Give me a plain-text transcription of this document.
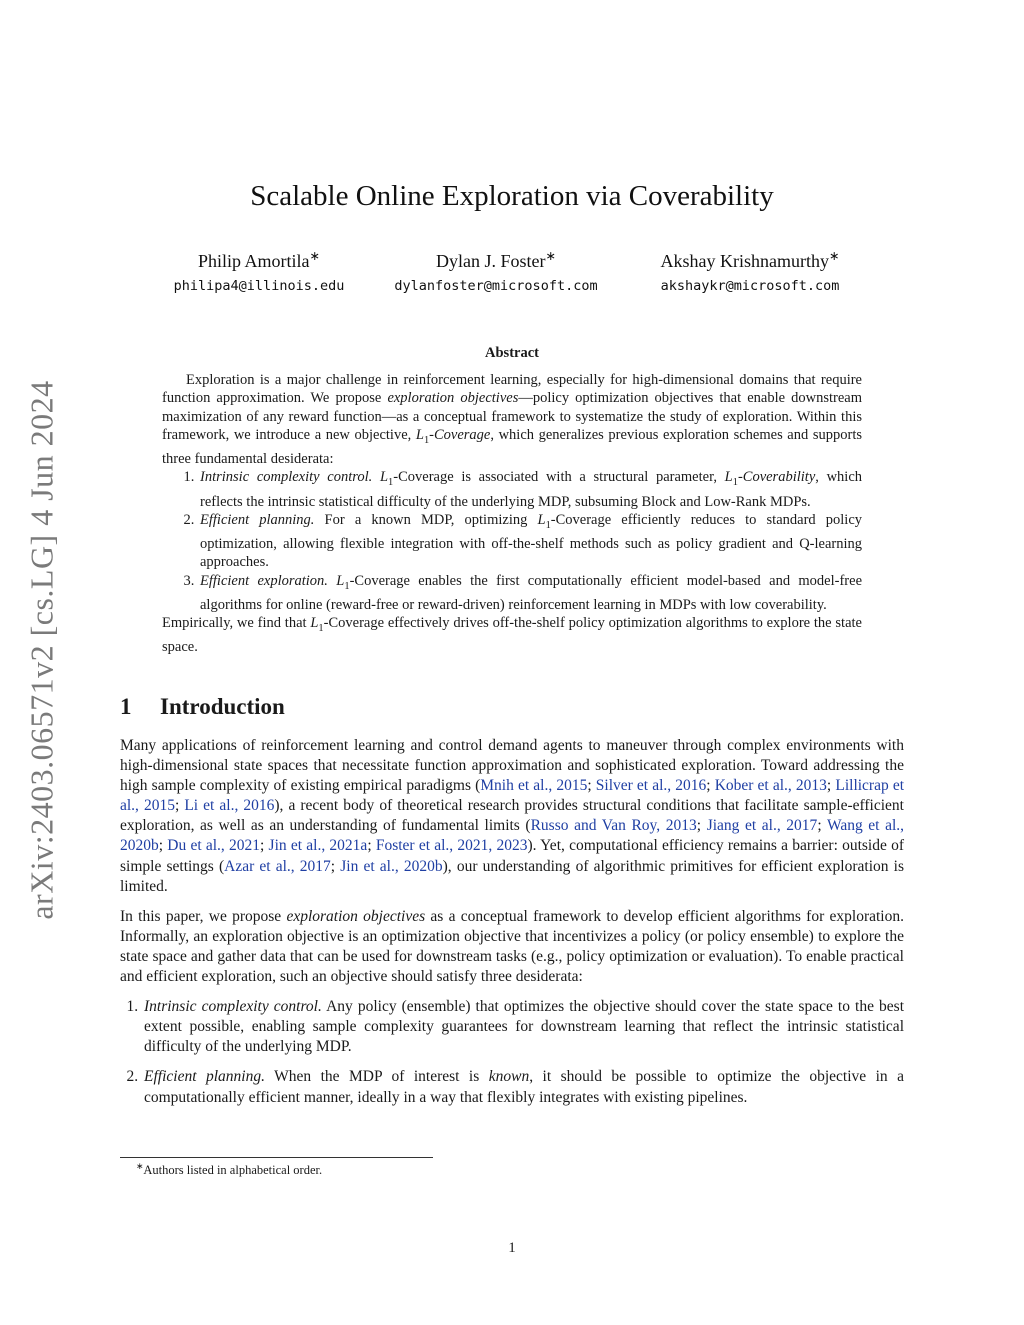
arXiv:2403.06571v2 [cs.LG] 4 Jun 2024
Scalable Online Exploration via Coverability
Philip Amortila∗
philipa4@illinois.edu
Dylan J. Foster∗
dylanfoster@microsoft.com
Akshay Krishnamurthy∗
akshaykr@microsoft.com
Abstract

Exploration is a major challenge in reinforcement learning, especially for high-dimensional domains that require function approximation. We propose exploration objectives—policy optimization objectives that enable downstream maximization of any reward function—as a conceptual framework to systematize the study of exploration. Within this framework, we introduce a new objective, $L_1$-Coverage, which generalizes previous exploration schemes and supports three fundamental desiderata:

1. Intrinsic complexity control. $L_1$-Coverage is associated with a structural parameter, $L_1$-Coverability, which reflects the intrinsic statistical difficulty of the underlying MDP, subsuming Block and Low-Rank MDPs.
2. Efficient planning. For a known MDP, optimizing $L_1$-Coverage efficiently reduces to standard policy optimization, allowing flexible integration with off-the-shelf methods such as policy gradient and Q-learning approaches.
3. Efficient exploration. $L_1$-Coverage enables the first computationally efficient model-based and model-free algorithms for online (reward-free or reward-driven) reinforcement learning in MDPs with low coverability.

Empirically, we find that $L_1$-Coverage effectively drives off-the-shelf policy optimization algorithms to explore the state space.

1 Introduction

Many applications of reinforcement learning and control demand agents to maneuver through complex environments with high-dimensional state spaces that necessitate function approximation and sophisticated exploration. Toward addressing the high sample complexity of existing empirical paradigms (Mnih et al., 2015; Silver et al., 2016; Kober et al., 2013; Lillicrap et al., 2015; Li et al., 2016), a recent body of theoretical research provides structural conditions that facilitate sample-efficient exploration, as well as an understanding of fundamental limits (Russo and Van Roy, 2013; Jiang et al., 2017; Wang et al., 2020b; Du et al., 2021; Jin et al., 2021a; Foster et al., 2021, 2023). Yet, computational efficiency remains a barrier: outside of simple settings (Azar et al., 2017; Jin et al., 2020b), our understanding of algorithmic primitives for efficient exploration is limited.

In this paper, we propose exploration objectives as a conceptual framework to develop efficient algorithms for exploration. Informally, an exploration objective is an optimization objective that incentivizes a policy (or policy ensemble) to explore the state space and gather data that can be used for downstream tasks (e.g., policy optimization or evaluation). To enable practical and efficient exploration, such an objective should satisfy three desiderata:

1. Intrinsic complexity control. Any policy (ensemble) that optimizes the objective should cover the state space to the best extent possible, enabling sample complexity guarantees for downstream learning that reflect the intrinsic statistical difficulty of the underlying MDP.
2. Efficient planning. When the MDP of interest is known, it should be possible to optimize the objective in a computationally efficient manner, ideally in a way that flexibly integrates with existing pipelines.
∗Authors listed in alphabetical order.
1
